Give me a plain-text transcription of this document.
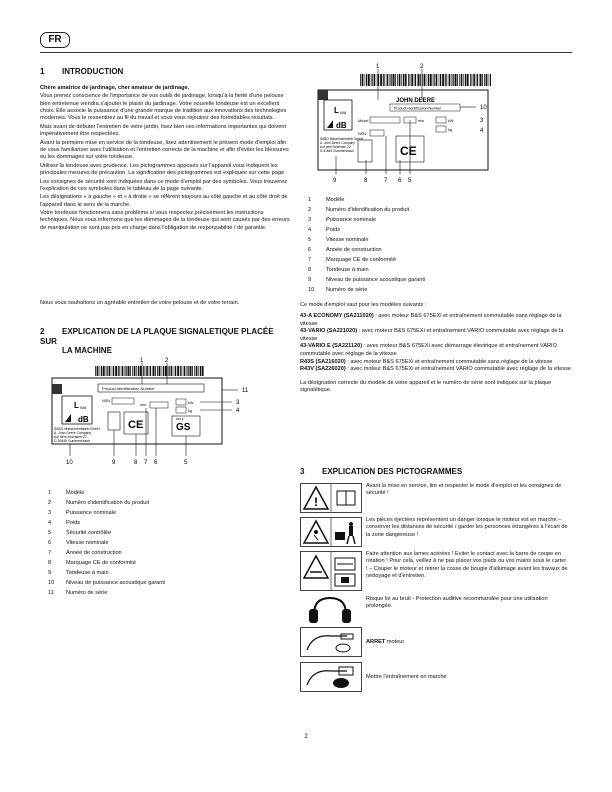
FR
1 INTRODUCTION

Chère amatrice de jardinage, cher amateur de jardinage,

Vous prenez conscience de l'importance de vos outils de jardinage, lorsqu'à la fierté d'une pelouse bien entretenue viendra s'ajouter le plaisir du jardinage. Votre nouvelle tondeuse est un excellent choix. Elle associe la puissance d'une grande marque de tradition aux innovations des technologies modernes. Vous le ressentirez au fil du travail et vous vous réjouirez des formidables résultats.

Mais avant de débuter l'entretien de votre jardin, lisez bien ces informations importantes qui doivent impérativement être respectées.

Avant la première mise en service de la tondeuse, lisez attentivement le présent mode d'emploi afin de vous familiariser avec l'utilisation et l'entretien corrects de la machine et afin d'éviter les blessures ou les dommages sur votre tondeuse.

Utilisez la tondeuse avec prudence. Les pictogrammes apposés sur l'appareil vous indiquent les principales mesures de précaution. La signification des pictogrammes est expliquée sur cette page.

Les consignes de sécurité sont indiquées dans ce mode d'emploi par des symboles. Vous trouverez l'explication de ces symboles dans le tableau de la page suivante.

Les désignations « à gauche » et « à droite » se réfèrent toujours au côté gauche et au côté droit de l'appareil dans le sens de la marche.

Votre tondeuse fonctionnera sans problème si vous respectez précisément les instructions techniques. Nous vous informons que les dommages de la tondeuse qui sont causés par des erreurs de manipulation ne sont pas pris en charge dans l'obligation de responsabilité / de garantie.

Nous vous souhaitons un agréable entretien de votre pelouse et de votre terrain.
2 EXPLICATION DE LA PLAQUE SIGNALETIQUE PLACÉE SUR
LA MACHINE
1	2
Product Identification Number
L WA
dB
SABO Maschinenfabrik GmbH
A. John Deere Company
Auf dem Höchsten 22
D-51645 Gummersbach
NSN
min	kW
kg
CE	GS
DPLF
11
3
4
10	9	8 7 6	5
1	Modèle
2	Numéro d'identification du produit
3	Puissance nominale
4	Poids
5	Sécurité contrôlée
6	Vitesse nominale
7	Année de construction
8	Marquage CE de conformité
9	Tondeuse à main
10	Niveau de puissance acoustique garanti
11	Numéro de série
1	2
JOHN DEERE
Product Identification Number
L WA
dB	Model	min	kW
kg
NSN
CE
SABO Maschinenfabrik GmbH
A. John Deere Company
Auf dem Höchsten 22
D-51645 Gummersbach
10
3
4
9	8	7 6 5
1	Modèle
2	Numéro d'identification du produit
3	Puissance nominale
4	Poids
5	Vitesse nominale
6	Année de construction
7	Marquage CE de conformité
8	Tondeuse à main
9	Niveau de puissance acoustique garanti
10	Numéro de série

Ce mode d'emploi vaut pour les modèles suivants :

43-A ECONOMY (SA211020) : avec moteur B&S 675EXi et entraînement commutable sans réglage de la vitesse

43-VARIO (SA221020) : avec moteur B&S 675EXi et entraînement VARIO commutable avec réglage de la vitesse

43-VARIO E (SA221120) : avec moteur B&S 675EXi avec démarrage électrique et entraînement VARIO commutable avec réglage de la vitesse

R43S (SA216020) : avec moteur B&S 675EXi et entraînement commutable sans réglage de la vitesse

R43V (SA226020) : avec moteur B&S 675EXi et entraînement VARIO commutable avec réglage de la vitesse

La désignation correcte du modèle de votre appareil et le numéro de série sont indiqués sur la plaque signalétique.

3 EXPLICATION DES PICTOGRAMMES
!
Avant la mise en service, lire et respecter le mode d'emploi et les consignes de sécurité !
Les pièces éjectées représentent un danger lorsque le moteur est en marche – conserver les distances de sécurité / garder les personnes étrangères à l'écart de la zone dangereuse !
Faire attention aux lames acérées ! Eviter le contact avec la barre de coupe en rotation ! Pour cela, veillez à ne pas placer vos pieds ou vos mains sous le carter ! – Couper le moteur et retirer la cosse de bougie d'allumage avant les travaux de nettoyage et d'entretien.
Risque lié au bruit - Protection auditive recommandée pour une utilisation prolongée.
ARRET moteur
Mettre l'entraînement en marche
2
